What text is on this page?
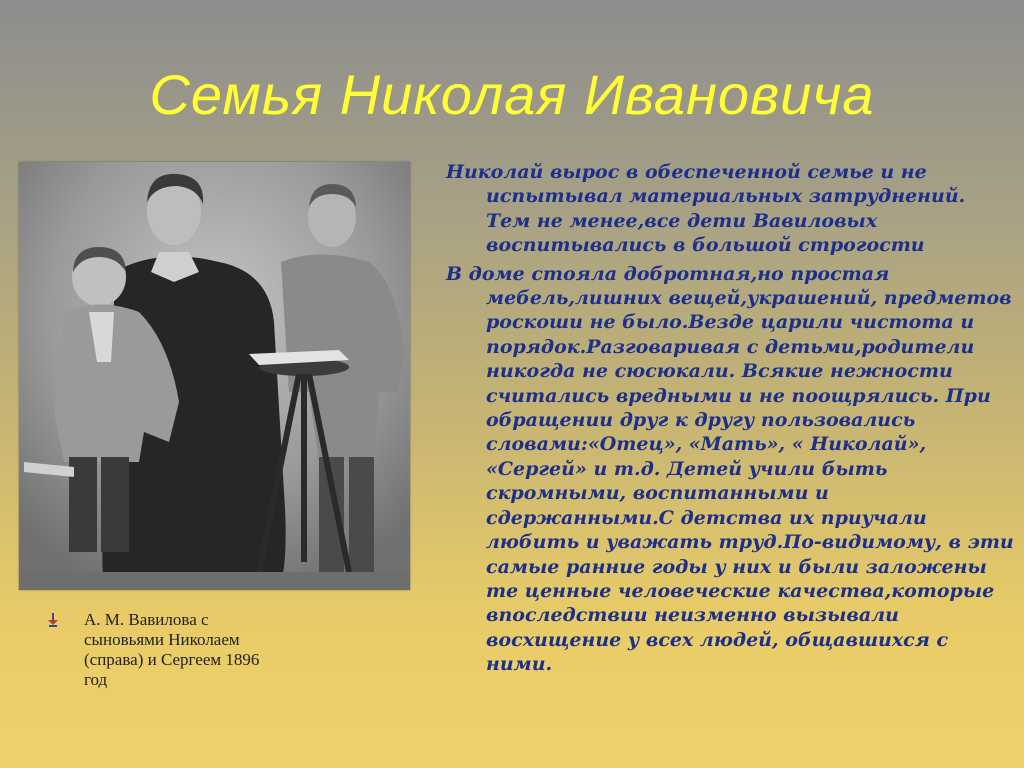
Семья Николая Ивановича
А. М. Вавилова с сыновьями Николаем (справа) и Сергеем 1896 год

Николай вырос в обеспеченной семье и не испытывал материальных затруднений. Тем не менее,все дети Вавиловых воспитывались в большой строгости

В доме стояла добротная,но простая мебель,лишних вещей,украшений, предметов роскоши не было.Везде царили чистота и порядок.Разговаривая с детьми,родители никогда не сюсюкали. Всякие нежности считались вредными и не поощрялись. При обращении друг к другу пользовались словами:«Отец», «Мать», « Николай», «Сергей» и т.д. Детей учили быть скромными, воспитанными и сдержанными.С детства их приучали любить и уважать труд.По-видимому, в эти самые ранние годы у них и были заложены те ценные человеческие качества,которые впоследствии неизменно вызывали восхищение у всех людей, общавшихся с ними.
